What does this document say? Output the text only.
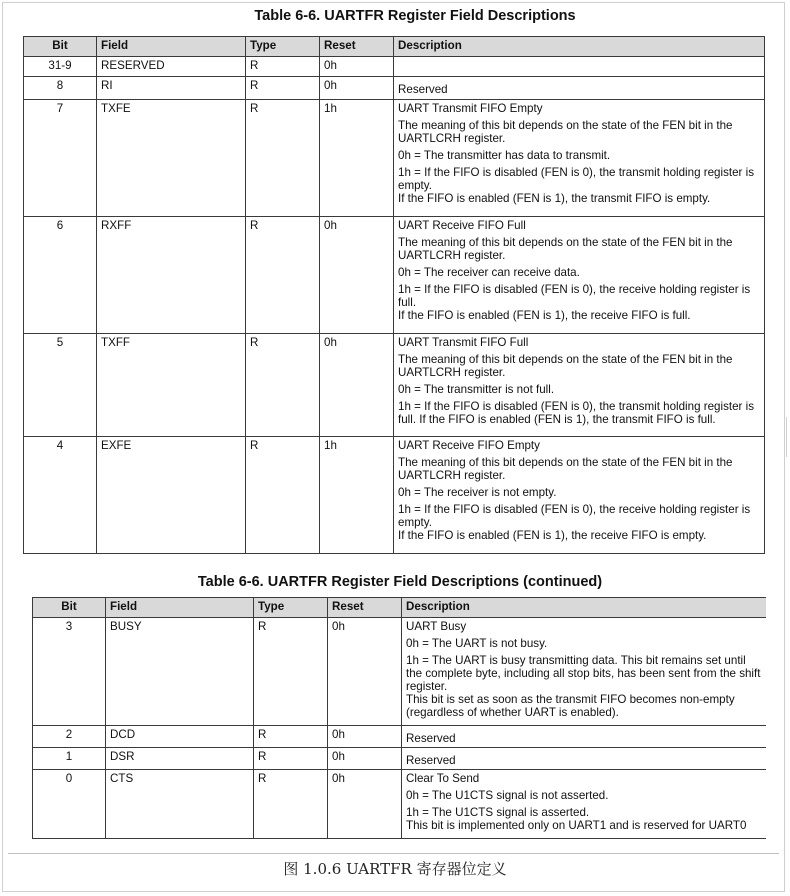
Table 6-6. UARTFR Register Field Descriptions
Bit	Field	Type	Reset	Description
31-9	RESERVED	R	0h	
8	RI	R	0h	Reserved

7	TXFE	R	1h	UART Transmit FIFO Empty

The meaning of this bit depends on the state of the FEN bit in the UARTLCRH register.

0h = The transmitter has data to transmit.

1h = If the FIFO is disabled (FEN is 0), the transmit holding register is empty.
If the FIFO is enabled (FEN is 1), the transmit FIFO is empty.

6	RXFF	R	0h	UART Receive FIFO Full

The meaning of this bit depends on the state of the FEN bit in the UARTLCRH register.

0h = The receiver can receive data.

1h = If the FIFO is disabled (FEN is 0), the receive holding register is full.
If the FIFO is enabled (FEN is 1), the receive FIFO is full.

5	TXFF	R	0h	UART Transmit FIFO Full

The meaning of this bit depends on the state of the FEN bit in the UARTLCRH register.

0h = The transmitter is not full.

1h = If the FIFO is disabled (FEN is 0), the transmit holding register is full. If the FIFO is enabled (FEN is 1), the transmit FIFO is full.

4	EXFE	R	1h	UART Receive FIFO Empty

The meaning of this bit depends on the state of the FEN bit in the UARTLCRH register.

0h = The receiver is not empty.

1h = If the FIFO is disabled (FEN is 0), the receive holding register is empty.
If the FIFO is enabled (FEN is 1), the receive FIFO is empty.

Table 6-6. UARTFR Register Field Descriptions (continued)
Bit	Field	Type	Reset	Description
3	BUSY	R	0h	UART Busy

0h = The UART is not busy.

1h = The UART is busy transmitting data. This bit remains set until the complete byte, including all stop bits, has been sent from the shift register.
This bit is set as soon as the transmit FIFO becomes non-empty (regardless of whether UART is enabled).

2	DCD	R	0h	Reserved

1	DSR	R	0h	Reserved

0	CTS	R	0h	Clear To Send

0h = The U1CTS signal is not asserted.

1h = The U1CTS signal is asserted.
This bit is implemented only on UART1 and is reserved for UART0

图 1.0.6 UARTFR 寄存器位定义
